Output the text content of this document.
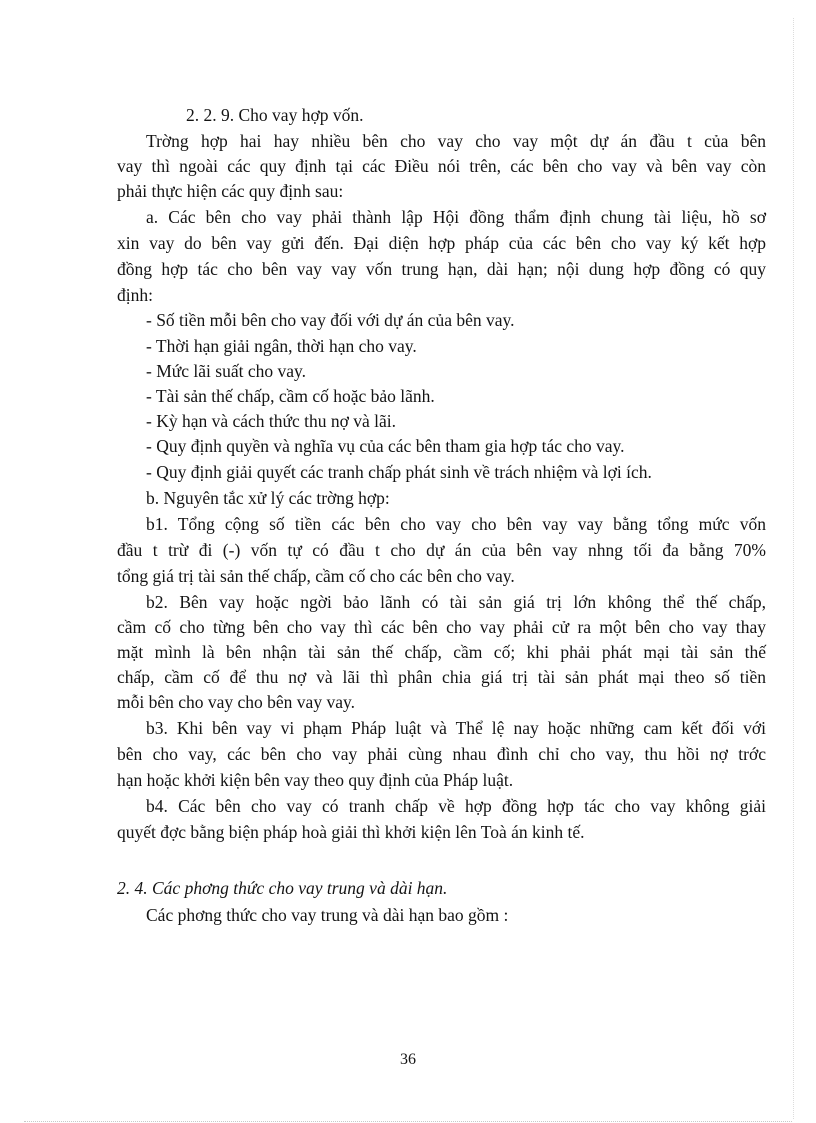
2. 2. 9. Cho vay hợp vốn.
Trờng hợp hai hay nhiều bên cho vay cho vay một dự án đầu t của bên
vay thì ngoài các quy định tại các Điều nói trên, các bên cho vay và bên vay còn
phải thực hiện các quy định sau:
a. Các bên cho vay phải thành lập Hội đồng thẩm định chung tài liệu, hồ sơ
xin vay do bên vay gửi đến. Đại diện hợp pháp của các bên cho vay ký kết hợp
đồng hợp tác cho bên vay vay vốn trung hạn, dài hạn; nội dung hợp đồng có quy
định:
- Số tiền mỗi bên cho vay đối với dự án của bên vay.
- Thời hạn giải ngân, thời hạn cho vay.
- Mức lãi suất cho vay.
- Tài sản thế chấp, cầm cố hoặc bảo lãnh.
- Kỳ hạn và cách thức thu nợ và lãi.
- Quy định quyền và nghĩa vụ của các bên tham gia hợp tác cho vay.
- Quy định giải quyết các tranh chấp phát sinh về trách nhiệm và lợi ích.
b. Nguyên tắc xử lý các trờng hợp:
b1. Tổng cộng số tiền các bên cho vay cho bên vay vay bằng tổng mức vốn
đầu t trừ đi (-) vốn tự có đầu t cho dự án của bên vay nhng tối đa bằng 70%
tổng giá trị tài sản thế chấp, cầm cố cho các bên cho vay.
b2. Bên vay hoặc ngời bảo lãnh có tài sản giá trị lớn không thể thế chấp,
cầm cố cho từng bên cho vay thì các bên cho vay phải cử ra một bên cho vay thay
mặt mình là bên nhận tài sản thế chấp, cầm cố; khi phải phát mại tài sản thế
chấp, cầm cố để thu nợ và lãi thì phân chia giá trị tài sản phát mại theo số tiền
mỗi bên cho vay cho bên vay vay.
b3. Khi bên vay vi phạm Pháp luật và Thể lệ nay hoặc những cam kết đối với
bên cho vay, các bên cho vay phải cùng nhau đình chỉ cho vay, thu hồi nợ trớc
hạn hoặc khởi kiện bên vay theo quy định của Pháp luật.
b4. Các bên cho vay có tranh chấp về hợp đồng hợp tác cho vay không giải
quyết đợc bằng biện pháp hoà giải thì khởi kiện lên Toà án kinh tế.
2. 4. Các phơng thức cho vay trung và dài hạn.
Các phơng thức cho vay trung và dài hạn bao gồm :
36
